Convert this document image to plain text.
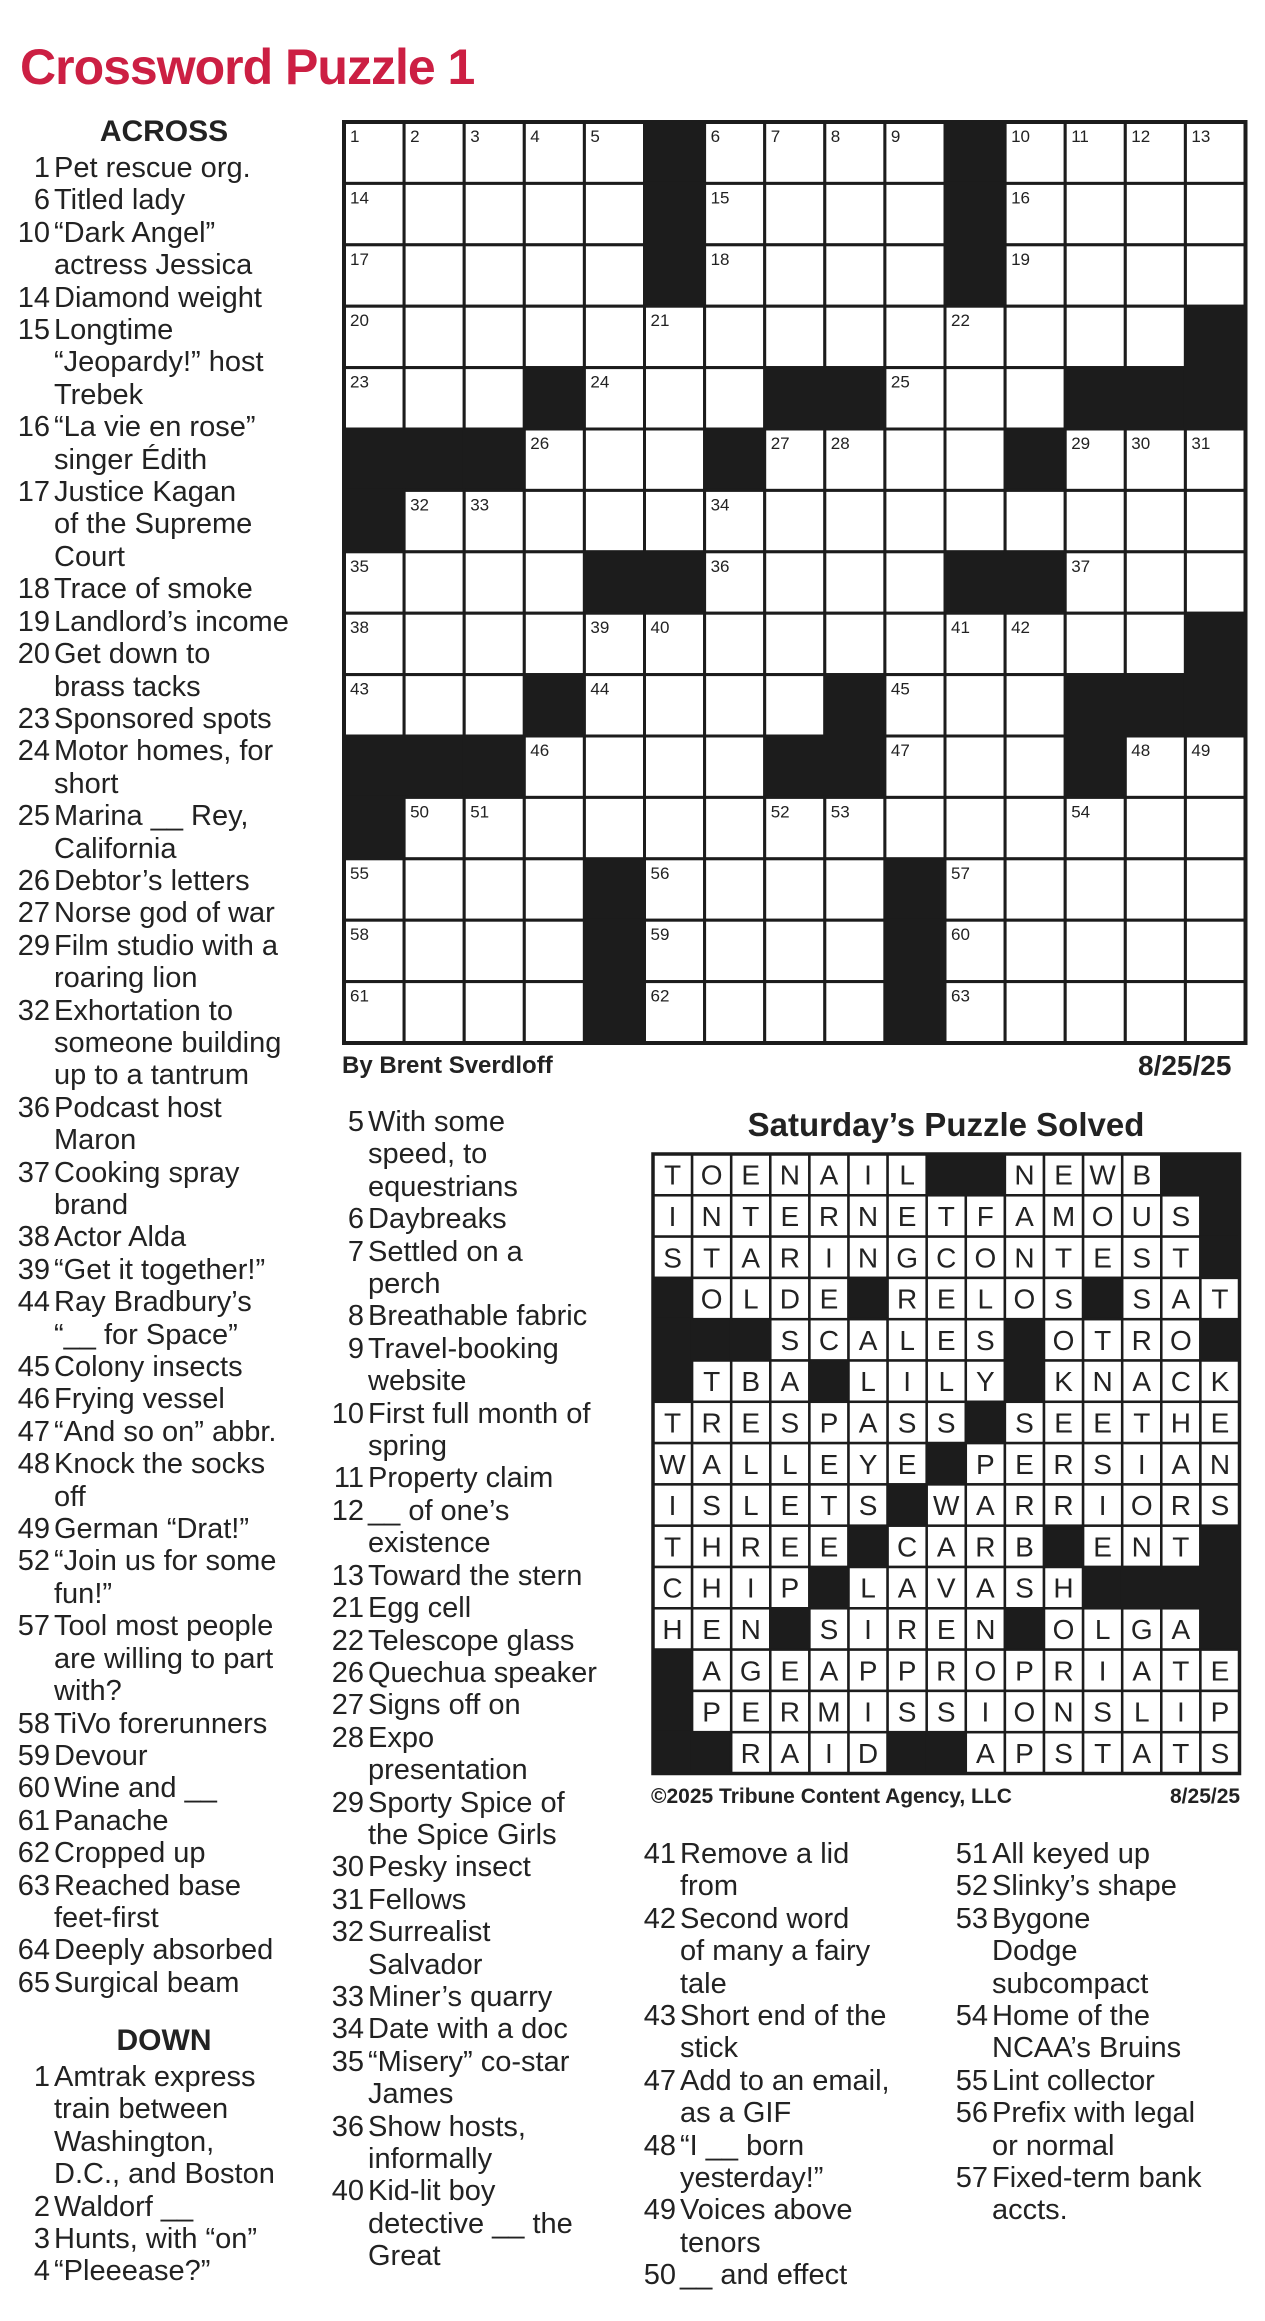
Crossword Puzzle 1
ACROSS
1 Pet rescue org.
6 Titled lady
10 “Dark Angel”
actress Jessica
14 Diamond weight
15 Longtime
“Jeopardy!” host
Trebek
16 “La vie en rose”
singer Édith
17 Justice Kagan
of the Supreme
Court
18 Trace of smoke
19 Landlord’s income
20 Get down to
brass tacks
23 Sponsored spots
24 Motor homes, for
short
25 Marina __ Rey,
California
26 Debtor’s letters
27 Norse god of war
29 Film studio with a
roaring lion
32 Exhortation to
someone building
up to a tantrum
36 Podcast host
Maron
37 Cooking spray
brand
38 Actor Alda
39 “Get it together!”
44 Ray Bradbury’s
“__ for Space”
45 Colony insects
46 Frying vessel
47 “And so on” abbr.
48 Knock the socks
off
49 German “Drat!”
52 “Join us for some
fun!”
57 Tool most people
are willing to part
with?
58 TiVo forerunners
59 Devour
60 Wine and __
61 Panache
62 Cropped up
63 Reached base
feet-first
64 Deeply absorbed
65 Surgical beam
DOWN
1 Amtrak express
train between
Washington,
D.C., and Boston
2 Waldorf __
3 Hunts, with “on”
4 “Pleeease?”
5 With some
speed, to
equestrians
6 Daybreaks
7 Settled on a
perch
8 Breathable fabric
9 Travel-booking
website
10 First full month of
spring
11 Property claim
12 __ of one’s
existence
13 Toward the stern
21 Egg cell
22 Telescope glass
26 Quechua speaker
27 Signs off on
28 Expo
presentation
29 Sporty Spice of
the Spice Girls
30 Pesky insect
31 Fellows
32 Surrealist
Salvador
33 Miner’s quarry
34 Date with a doc
35 “Misery” co-star
James
36 Show hosts,
informally
40 Kid-lit boy
detective __ the
Great
41 Remove a lid
from
42 Second word
of many a fairy
tale
43 Short end of the
stick
47 Add to an email,
as a GIF
48 “I __ born
yesterday!”
49 Voices above
tenors
50 __ and effect
51 All keyed up
52 Slinky’s shape
53 Bygone
Dodge
subcompact
54 Home of the
NCAA’s Bruins
55 Lint collector
56 Prefix with legal
or normal
57 Fixed-term bank
accts.
1	2	3	4	5	6	7	8	9	10 11 12 13
14	15	16
17	18	19
20	21	22
23	24	25
26	27 28	29 30 31
32 33	34
35	36	37
38	39 40	41 42
43	44	45
46	47	48 49
50 51	52 53	54
55	56	57
58	59	60
61	62	63
By Brent Sverdloff	8/25/25
Saturday’s Puzzle Solved
T O E N A I L	N E W B
I N T E R N E T F A M O U S
S T A R I N G C O N T E S T
O L D E R E L O S S A T
S C A L E S O T R O
T B A L I L Y K N A C K
T R E S P A S S S E E T H E
W A L L E Y E P E R S I A N
I S L E T S W A R R I O R S
T H R E E C A R B E N T
C H I P L A V A S H
H E N S I R E N O L G A
A G E A P P R O P R I A T E
P E R M I S S I O N S L I P
R A I D	A P S T A T S
©2025 Tribune Content Agency, LLC	8/25/25
